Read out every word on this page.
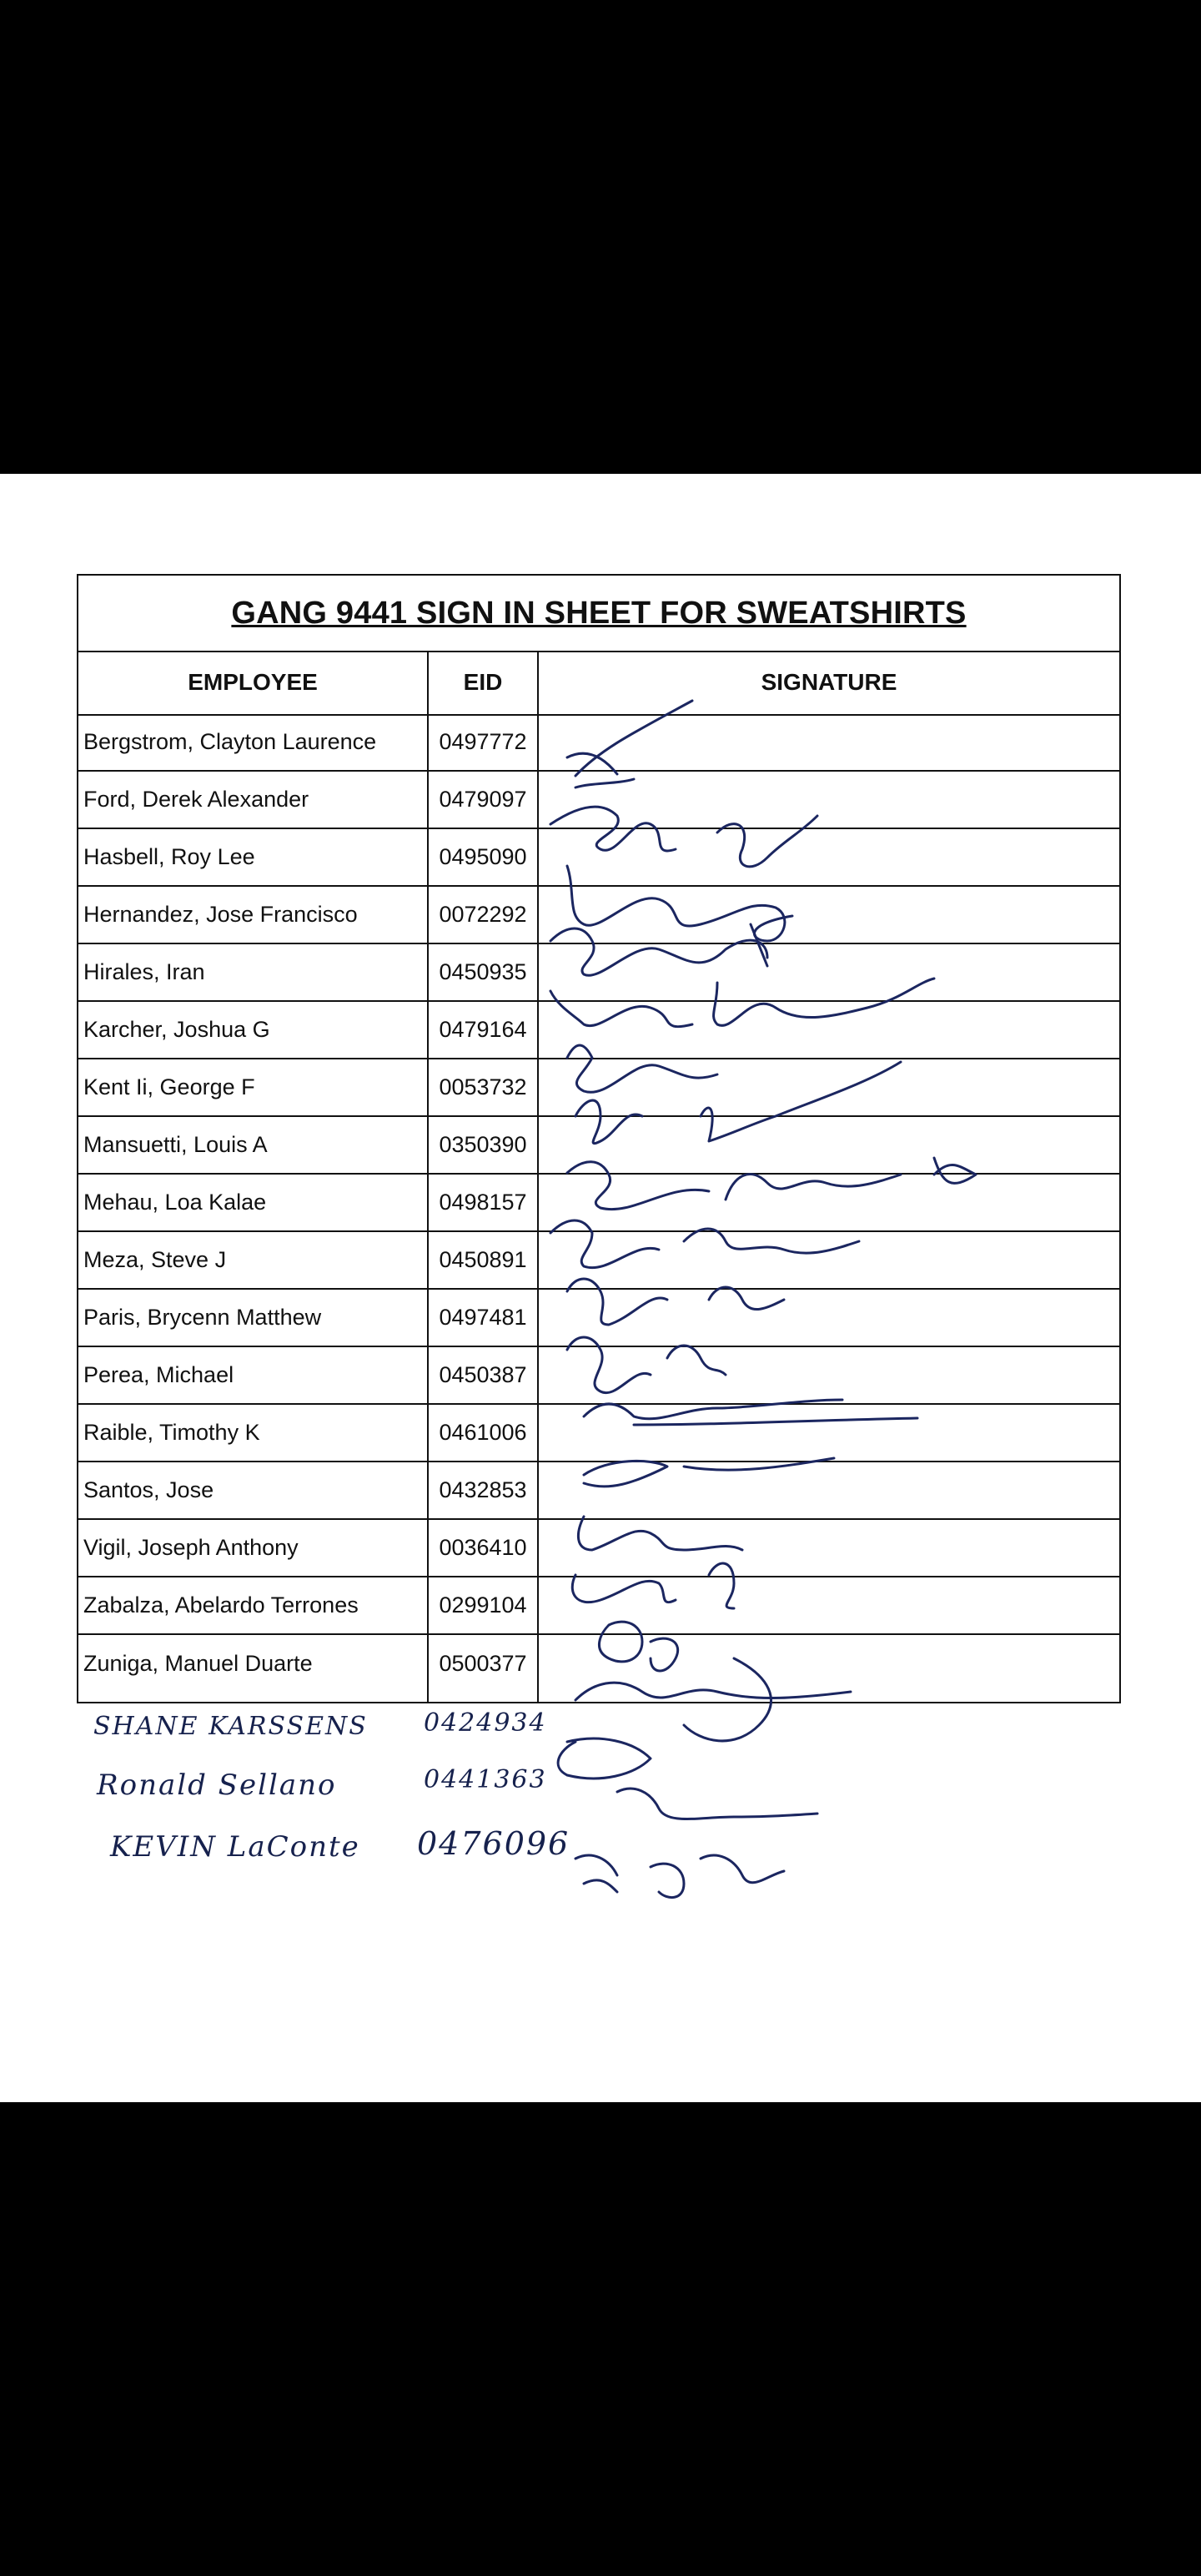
GANG 9441 SIGN IN SHEET FOR SWEATSHIRTS
EMPLOYEE	EID	SIGNATURE
Bergstrom, Clayton Laurence	0497772
Ford, Derek Alexander	0479097
Hasbell, Roy Lee	0495090
Hernandez, Jose Francisco	0072292
Hirales, Iran	0450935
Karcher, Joshua G	0479164
Kent Ii, George F	0053732
Mansuetti, Louis A	0350390
Mehau, Loa Kalae	0498157
Meza, Steve J	0450891
Paris, Brycenn Matthew	0497481
Perea, Michael	0450387
Raible, Timothy K	0461006
Santos, Jose	0432853
Vigil, Joseph Anthony	0036410
Zabalza, Abelardo Terrones	0299104
Zuniga, Manuel Duarte	0500377
SHANE KARSSENS 0424934
Ronald Sellano	0441363
KEVIN LaConte 0476096
